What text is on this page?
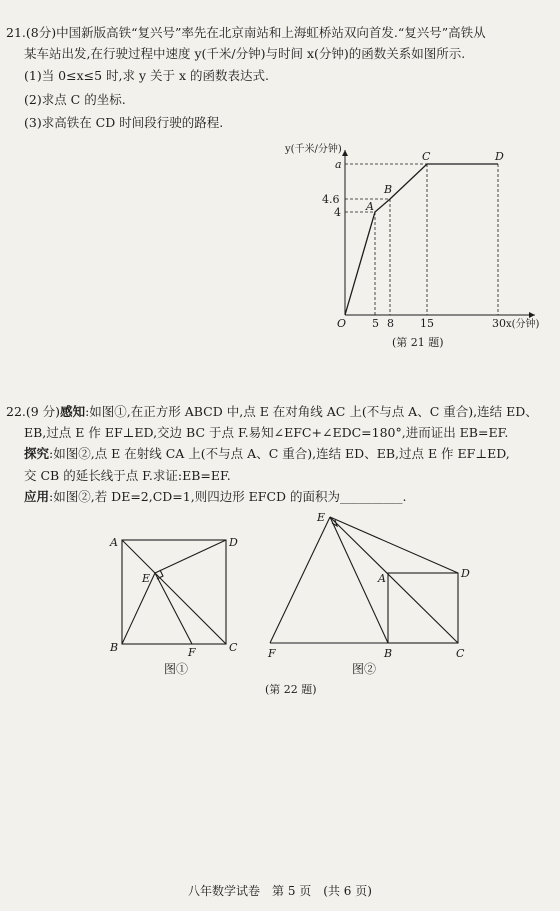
21.(8分)中国新版高铁“复兴号”率先在北京南站和上海虹桥站双向首发.“复兴号”高铁从
某车站出发,在行驶过程中速度 y(千米/分钟)与时间 x(分钟)的函数关系如图所示.
(1)当 0≤x≤5 时,求 y 关于 x 的函数表达式.
(2)求点 C 的坐标.
(3)求高铁在 CD 时间段行驶的路程.
y(千米/分钟)
x(分钟)
a
4.6
4
O 5 8 15	30
A
B
C	D
(第 21 题)
22.(9 分)感知:如图①,在正方形 ABCD 中,点 E 在对角线 AC 上(不与点 A、C 重合),连结 ED、
EB,过点 E 作 EF⊥ED,交边 BC 于点 F.易知∠EFC+∠EDC=180°,进而证出 EB=EF.
探究:如图②,点 E 在射线 CA 上(不与点 A、C 重合),连结 ED、EB,过点 E 作 EF⊥ED,
交 CB 的延长线于点 F.求证:EB=EF.
应用:如图②,若 DE=2,CD=1,则四边形 EFCD 的面积为__________.
A	D
B	C
E
F
图①
E
A	D
F	B	C
图②
(第 22 题)
八年数学试卷　第 5 页　(共 6 页)
